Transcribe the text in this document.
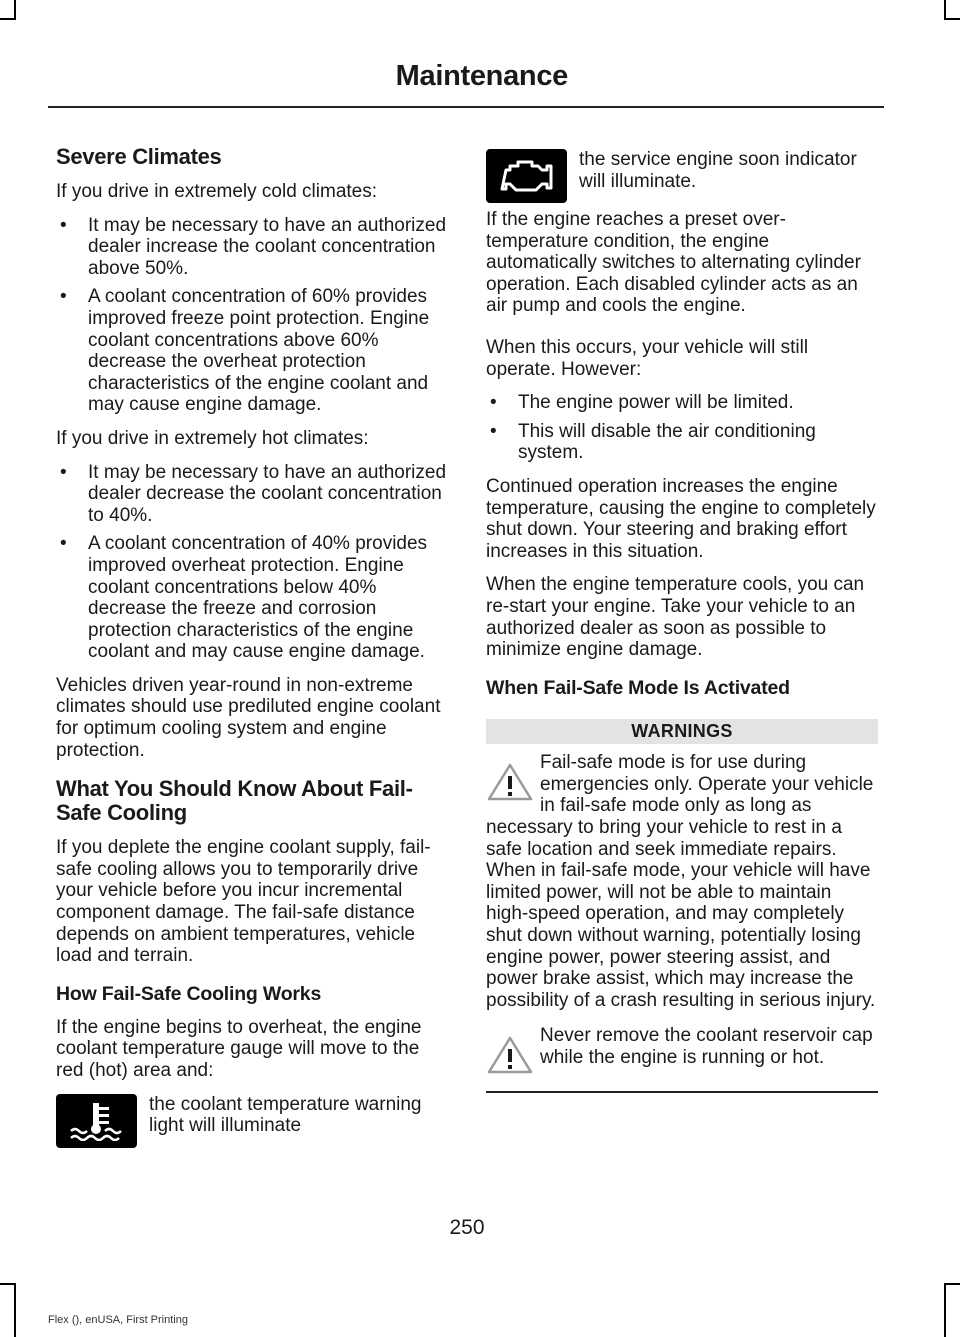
Maintenance
Severe Climates

If you drive in extremely cold climates:

• It may be necessary to have an authorized dealer increase the coolant concentration above 50%.
• A coolant concentration of 60% provides improved freeze point protection. Engine coolant concentrations above 60% decrease the overheat protection characteristics of the engine coolant and may cause engine damage.

If you drive in extremely hot climates:

• It may be necessary to have an authorized dealer decrease the coolant concentration to 40%.
• A coolant concentration of 40% provides improved overheat protection. Engine coolant concentrations below 40% decrease the freeze and corrosion protection characteristics of the engine coolant and may cause engine damage.

Vehicles driven year-round in non-extreme climates should use prediluted engine coolant for optimum cooling system and engine protection.

What You Should Know About Fail-Safe Cooling

If you deplete the engine coolant supply, fail-safe cooling allows you to temporarily drive your vehicle before you incur incremental component damage. The fail-safe distance depends on ambient temperatures, vehicle load and terrain.

How Fail-Safe Cooling Works

If the engine begins to overheat, the engine coolant temperature gauge will move to the red (hot) area and:

the coolant temperature warning light will illuminate

the service engine soon indicator will illuminate.

If the engine reaches a preset over-temperature condition, the engine automatically switches to alternating cylinder operation. Each disabled cylinder acts as an air pump and cools the engine.

When this occurs, your vehicle will still operate. However:

• The engine power will be limited.
• This will disable the air conditioning system.

Continued operation increases the engine temperature, causing the engine to completely shut down. Your steering and braking effort increases in this situation.

When the engine temperature cools, you can re-start your engine. Take your vehicle to an authorized dealer as soon as possible to minimize engine damage.

When Fail-Safe Mode Is Activated
WARNINGS
Fail-safe mode is for use during emergencies only. Operate your vehicle in fail-safe mode only as long as necessary to bring your vehicle to rest in a safe location and seek immediate repairs. When in fail-safe mode, your vehicle will have limited power, will not be able to maintain high-speed operation, and may completely shut down without warning, potentially losing engine power, power steering assist, and power brake assist, which may increase the possibility of a crash resulting in serious injury.
Never remove the coolant reservoir cap while the engine is running or hot.
250
Flex (), enUSA, First Printing
